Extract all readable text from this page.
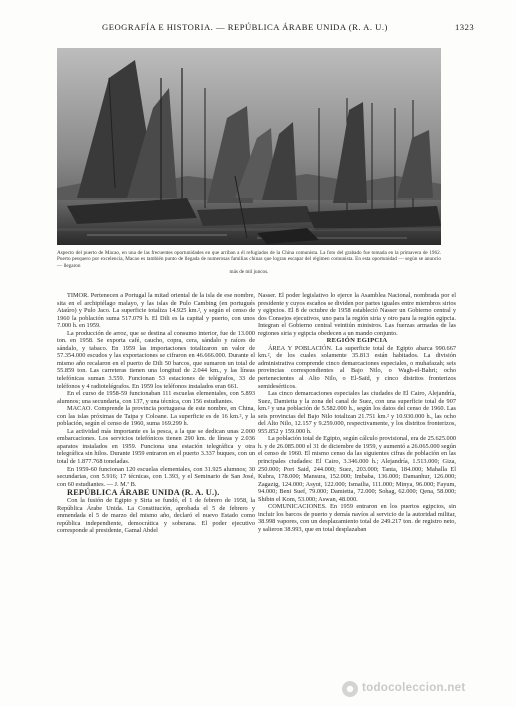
GEOGRAFÍA E HISTORIA. — REPÚBLICA ÁRABE UNIDA (R. A. U.)	1323

Aspecto del puerto de Macao, en una de las frecuentes oportunidades en que arriban a él refugiados de la China comunista. La foto del grabado fue tomada en la primavera de 1962. Puerto pesquero por excelencia, Macao es también punto de llegada de numerosas familias chinas que logran escapar del régimen comunista. En esta oportunidad — según se anuncio — llegaron

más de mil juncos.

TIMOR. Pertenecen a Portugal la mitad oriental de la isla de ese nombre, sita en el archipiélago malayo, y las islas de Pulo Cambing (en portugués Ataúro) y Pulo Jaco. La superficie totaliza 14.925 km.², y según el censo de 1960 la población suma 517.079 h. El Dili es la capital y puerto, con unos 7.000 h. en 1959.

La producción de arroz, que se destina al consumo interior, fue de 13.000 ton. en 1958. Se exporta café, caucho, copra, cera, sándalo y raíces de sándalo, y tabaco. En 1959 las importaciones totalizaron un valor de 57.354.000 escudos y las exportaciones se cifraron en 46.666.000. Durante el mismo año recalaron en el puerto de Dili 50 barcos, que sumaron un total de 55.859 ton. Las carreteras tienen una longitud de 2.044 km., y las líneas telefónicas suman 3.559. Funcionan 53 estaciones de telégrafos, 33 de teléfonos y 4 radiotelégrafos. En 1959 los teléfonos instalados eran 661.

En el curso de 1958-59 funcionaban 111 escuelas elementales, con 5.893 alumnos; una secundaria, con 137, y una técnica, con 156 estudiantes.

MACAO. Comprende la provincia portuguesa de este nombre, en China, con las islas próximas de Taipa y Coloane. La superficie es de 16 km.², y la población, según el censo de 1960, suma 169.299 h.

La actividad más importante es la pesca, a la que se dedican unas 2.000 embarcaciones. Los servicios telefónicos tienen 290 km. de líneas y 2.036 aparatos instalados en 1959. Funciona una estación telegráfica y otra telegráfica sin hilos. Durante 1959 entraron en el puerto 3.337 buques, con un total de 1.877.768 toneladas.

En 1959-60 funcionan 120 escuelas elementales, con 31.925 alumnos; 30 secundarias, con 5.916; 17 técnicas, con 1.393, y el Seminario de San José, con 60 estudiantes. — J. M.ª B.

REPÚBLICA ÁRABE UNIDA (R. A. U.).

Con la fusión de Egipto y Siria se fundó, el 1 de febrero de 1958, la República Árabe Unida. La Constitución, aprobada el 5 de febrero y enmendada el 5 de marzo del mismo año, declaró el nuevo Estado como república independiente, democrática y soberana. El poder ejecutivo corresponde al presidente, Gamal Abdel

Nasser. El poder legislativo lo ejerce la Asamblea Nacional, nombrada por el presidente y cuyos escaños se dividen por partes iguales entre miembros sirios y egipcios. El 8 de octubre de 1958 estableció Nasser un Gobierno central y dos Consejos ejecutivos, uno para la región siria y otro para la región egipcia. Integran el Gobierno central veintiún ministros. Las fuerzas armadas de las regiones siria y egipcia obedecen a un mando conjunto.

REGIÓN EGIPCIA

ÁREA Y POBLACIÓN. La superficie total de Egipto abarca 990.667 km.², de los cuales solamente 35.813 están habitados. La división administrativa comprende cinco demarcaciones especiales, o muhafazah; seis provincias correspondientes al Bajo Nilo, o Wagh-el-Bahri; ocho pertenecientes al Alto Nilo, o El-Saïd, y cinco distritos fronterizos semidesérticos.

Las cinco demarcaciones especiales las ciudades de El Cairo, Alejandría, Suez, Damietta y la zona del canal de Suez, con una superficie total de 907 km.² y una población de 5.582.000 h., según los datos del censo de 1960. Las seis provincias del Bajo Nilo totalizan 21.751 km.² y 10.930.000 h., las ocho del Alto Nilo, 12.157 y 9.259.000, respectivamente, y los distritos fronterizos, 955.852 y 159.000 h.

La población total de Egipto, según cálculo provisional, era de 25.625.000 h. y de 26.085.000 el 31 de diciembre de 1959, y aumentó a 26.065.000 según el censo de 1960. El mismo censo da las siguientes cifras de población en las principales ciudades: El Cairo, 3.346.000 h.; Alejandría, 1.513.000; Giza, 250.000; Port Said, 244.000; Suez, 203.000; Tanta, 184.000; Mahalla El Kubra, 178.000; Mansura, 152.000; Imbaba, 136.000; Damanhur, 126.000; Zagazig, 124.000; Asyut, 122.000; Ismailia, 111.000; Minya, 96.000; Fayum, 94.000; Beni Suef, 79.000; Damietta, 72.000; Sohag, 62.000; Qena, 58.000; Shibin el Kom, 53.000; Aswan, 48.000.

COMUNICACIONES. En 1959 entraron en los puertos egipcios, sin incluir los barcos de puerto y demás navíos al servicio de la autoridad militar, 38.998 vapores, con un desplazamiento total de 249.217 ton. de registro neto, y salieron 38.993, que en total desplazaban

todocoleccion.net
